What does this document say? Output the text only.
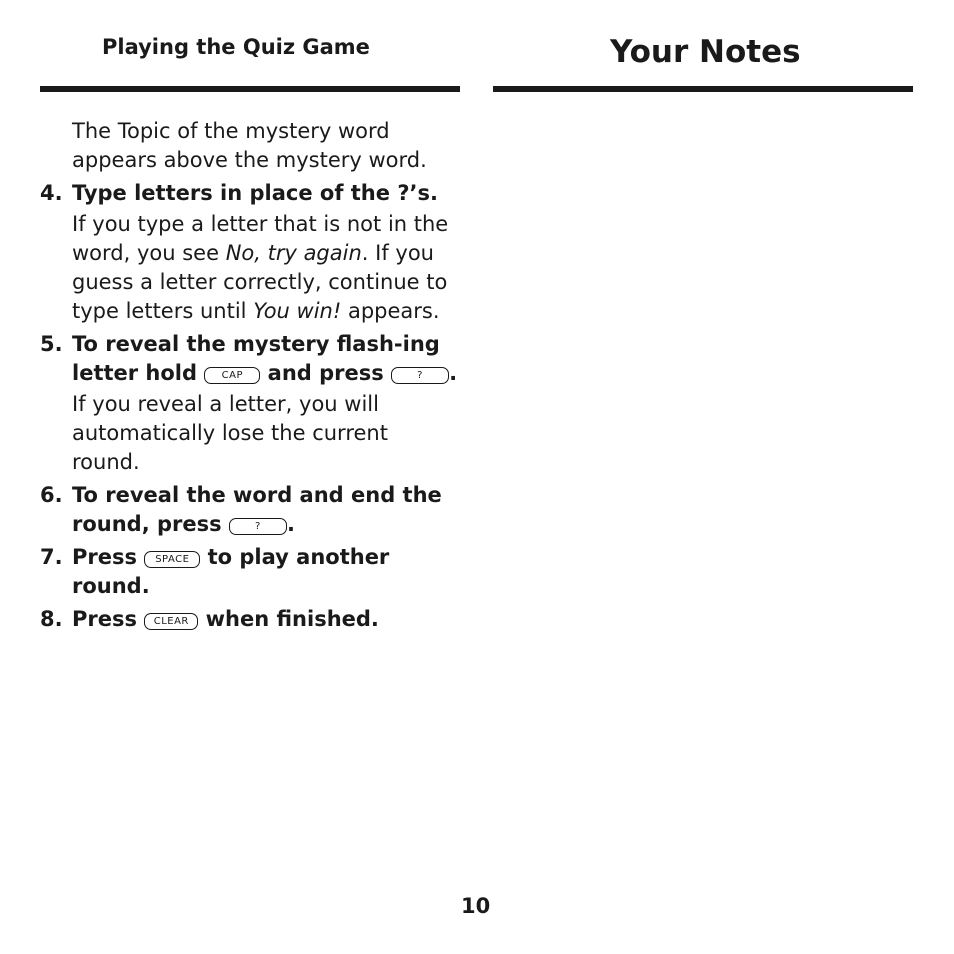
Playing the Quiz Game

The Topic of the mystery word appears above the mystery word.

4. Type letters in place of the ?’s.

If you type a letter that is not in the word, you see No, try again. If you guess a letter correctly, continue to type letters until You win! appears.

5. To reveal the mystery flash-ing letter hold CAP and press	? .

If you reveal a letter, you will automatically lose the current round.

6. To reveal the word and end the round, press	? .
7. Press SPACE to play another round.
8. Press CLEAR when finished.
Your Notes
10
